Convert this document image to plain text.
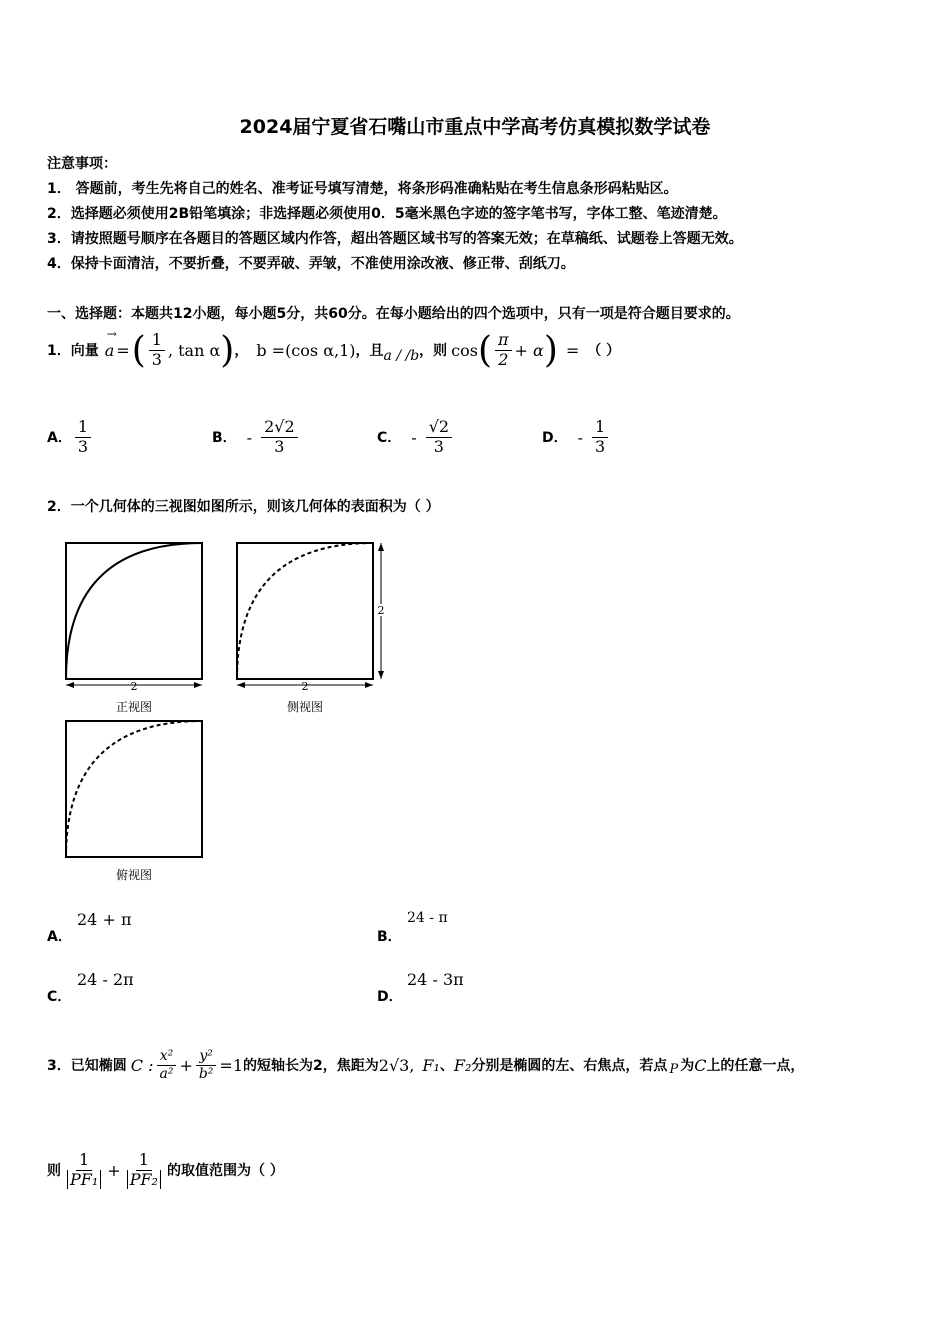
2024届宁夏省石嘴山市重点中学高考仿真模拟数学试卷
注意事项：
1． 答题前，考生先将自己的姓名、准考证号填写清楚，将条形码准确粘贴在考生信息条形码粘贴区。
2．选择题必须使用2B铅笔填涂；非选择题必须使用0．5毫米黑色字迹的签字笔书写，字体工整、笔迹清楚。
3．请按照题号顺序在各题目的答题区域内作答，超出答题区域书写的答案无效；在草稿纸、试题卷上答题无效。
4．保持卡面清洁，不要折叠，不要弄破、弄皱，不准使用涂改液、修正带、刮纸刀。
一、选择题：本题共12小题，每小题5分，共60分。在每小题给出的四个选项中，只有一项是符合题目要求的。
1．向量
→
a = ( $\frac{1}{3}$ , tan α ) ， b =(cos α,1) ，且 a / /b ，则 cos ( $\frac{\pi}{2} + \alpha$ ) = （ ）
A． $\frac{1}{3}$	B． - $\frac{2√2}{3}$	C． - $\frac{√2}{3}$	D． - $\frac{1}{3}$
2．一个几何体的三视图如图所示，则该几何体的表面积为（ ）
2
正视图
2
2
侧视图
俯视图
A．
24 + π
B．
24 - π
C．
24 - 2π
D．
24 - 3π
3．已知椭圆 C : $\frac{\text{x²}}{\text{a²}} + \frac{\text{y²}}{\text{b²}} =1$ 的短轴长为2，焦距为 2√3, F₁ 、 F₂ 分别是椭圆的左、右焦点，若点 P 为 C 上的任意一点，
则 $\frac{1}{\text{PF₁}} + \frac{1}{\text{PF₂}}$ 的取值范围为（ ）
